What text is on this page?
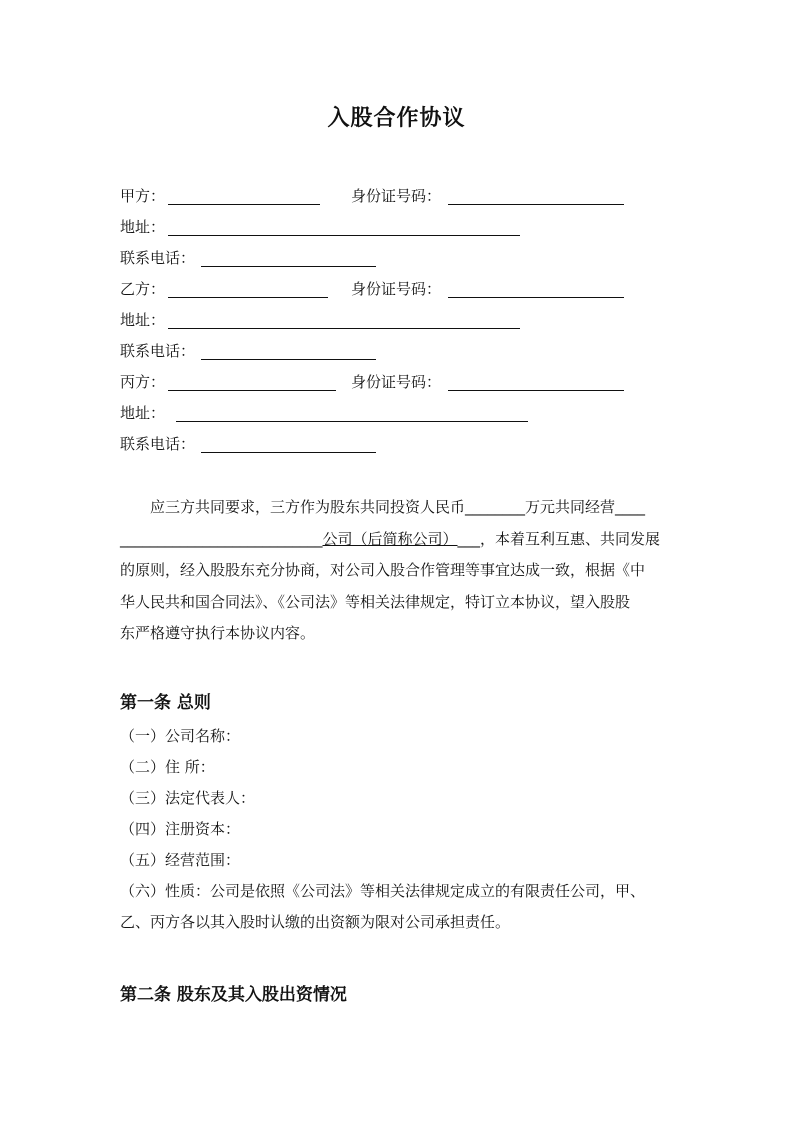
入股合作协议
甲方：	身份证号码：
地址：
联系电话：
乙方：	身份证号码：
地址：
联系电话：
丙方：	身份证号码：
地址：
联系电话：
应三方共同要求，三方作为股东共同投资人民币________万元共同经营____
___________________________公司（后简称公司）___，本着互利互惠、共同发展
的原则，经入股股东充分协商，对公司入股合作管理等事宜达成一致，根据《中
华人民共和国合同法》、《公司法》等相关法律规定，特订立本协议，望入股股
东严格遵守执行本协议内容。
第一条 总则
（一）公司名称：
（二）住 所：
（三）法定代表人：
（四）注册资本：
（五）经营范围：
（六）性质：公司是依照《公司法》等相关法律规定成立的有限责任公司，甲、
乙、丙方各以其入股时认缴的出资额为限对公司承担责任。
第二条 股东及其入股出资情况
